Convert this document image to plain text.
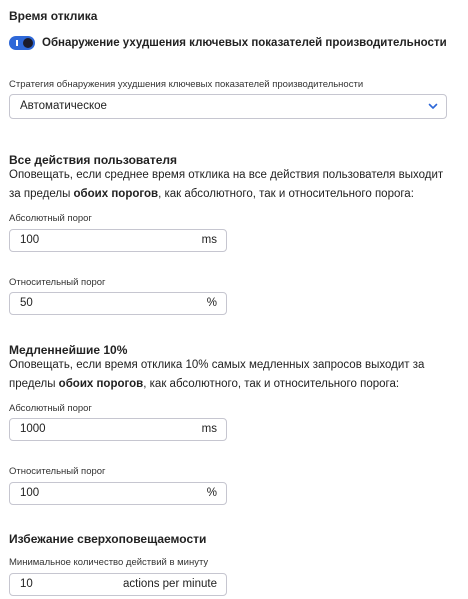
Время отклика
Обнаружение ухудшения ключевых показателей производительности
Стратегия обнаружения ухудшения ключевых показателей производительности
Автоматическое
Все действия пользователя
Оповещать, если среднее время отклика на все действия пользователя выходит
за пределы обоих порогов, как абсолютного, так и относительного порога:
Абсолютный порог
100	ms
Относительный порог
50	%
Медленнейшие 10%
Оповещать, если время отклика 10% самых медленных запросов выходит за
пределы обоих порогов, как абсолютного, так и относительного порога:
Абсолютный порог
1000	ms
Относительный порог
100	%
Избежание сверхоповещаемости
Минимальное количество действий в минуту
10	actions per minute
